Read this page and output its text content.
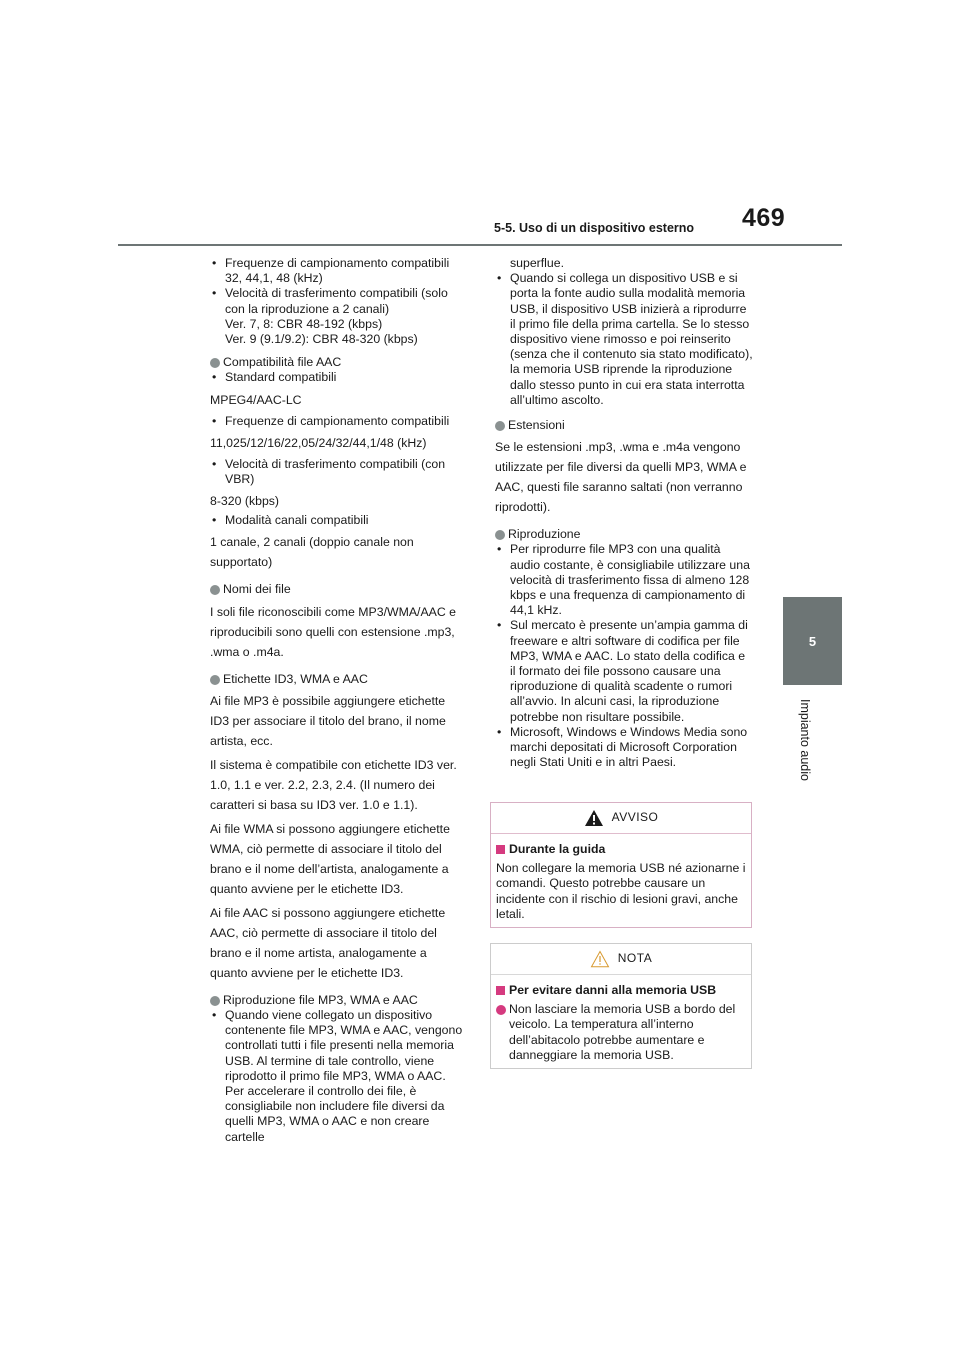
469
5-5. Uso di un dispositivo esterno
5
Impianto audio
• Frequenze di campionamento compatibili 32, 44,1, 48 (kHz)
• Velocità di trasferimento compatibili (solo con la riproduzione a 2 canali)
Ver. 7, 8: CBR 48-192 (kbps)
Ver. 9 (9.1/9.2): CBR 48-320 (kbps)
Compatibilità file AAC
• Standard compatibili
MPEG4/AAC-LC
• Frequenze di campionamento compatibili
11,025/12/16/22,05/24/32/44,1/48 (kHz)
• Velocità di trasferimento compatibili (con VBR)
8-320 (kbps)
• Modalità canali compatibili
1 canale, 2 canali (doppio canale non supportato)
Nomi dei file
I soli file riconoscibili come MP3/WMA/AAC e riproducibili sono quelli con estensione .mp3, .wma o .m4a.
Etichette ID3, WMA e AAC
Ai file MP3 è possibile aggiungere etichette ID3 per associare il titolo del brano, il nome artista, ecc.
Il sistema è compatibile con etichette ID3 ver. 1.0, 1.1 e ver. 2.2, 2.3, 2.4. (Il numero dei caratteri si basa su ID3 ver. 1.0 e 1.1).
Ai file WMA si possono aggiungere etichette WMA, ciò permette di associare il titolo del brano e il nome dell’artista, analogamente a quanto avviene per le etichette ID3.
Ai file AAC si possono aggiungere etichette AAC, ciò permette di associare il titolo del brano e il nome artista, analogamente a quanto avviene per le etichette ID3.
Riproduzione file MP3, WMA e AAC
• Quando viene collegato un dispositivo contenente file MP3, WMA e AAC, vengono controllati tutti i file presenti nella memoria USB. Al termine di tale controllo, viene riprodotto il primo file MP3, WMA o AAC. Per accelerare il controllo dei file, è consigliabile non includere file diversi da quelli MP3, WMA o AAC e non creare cartelle
superflue.
• Quando si collega un dispositivo USB e si porta la fonte audio sulla modalità memoria USB, il dispositivo USB inizierà a riprodurre il primo file della prima cartella. Se lo stesso dispositivo viene rimosso e poi reinserito (senza che il contenuto sia stato modificato), la memoria USB riprende la riproduzione dallo stesso punto in cui era stata interrotta all’ultimo ascolto.
Estensioni
Se le estensioni .mp3, .wma e .m4a vengono utilizzate per file diversi da quelli MP3, WMA e AAC, questi file saranno saltati (non verranno riprodotti).
Riproduzione
• Per riprodurre file MP3 con una qualità audio costante, è consigliabile utilizzare una velocità di trasferimento fissa di almeno 128 kbps e una frequenza di campionamento di 44,1 kHz.
• Sul mercato è presente un’ampia gamma di freeware e altri software di codifica per file MP3, WMA e AAC. Lo stato della codifica e il formato dei file possono causare una riproduzione di qualità scadente o rumori all’avvio. In alcuni casi, la riproduzione potrebbe non risultare possibile.
• Microsoft, Windows e Windows Media sono marchi depositati di Microsoft Corporation negli Stati Uniti e in altri Paesi.
AVVISO
Durante la guida
Non collegare la memoria USB né azionarne i comandi. Questo potrebbe causare un incidente con il rischio di lesioni gravi, anche letali.
NOTA
Per evitare danni alla memoria USB
Non lasciare la memoria USB a bordo del veicolo. La temperatura all’interno dell’abitacolo potrebbe aumentare e danneggiare la memoria USB.
